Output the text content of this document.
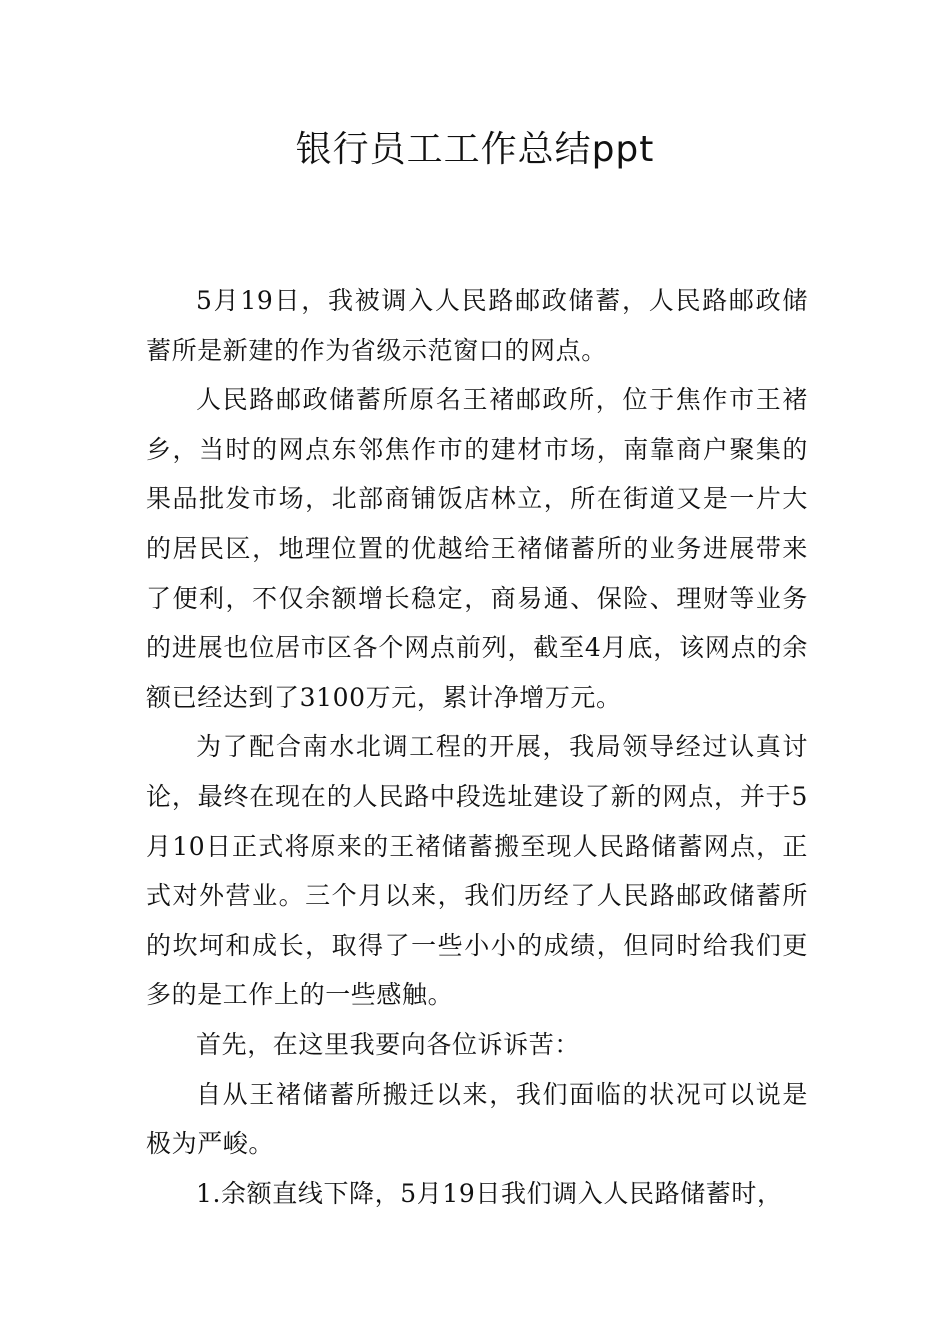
银行员工工作总结ppt

5月19日，我被调入人民路邮政储蓄，人民路邮政储蓄所是新建的作为省级示范窗口的网点。

人民路邮政储蓄所原名王褚邮政所，位于焦作市王褚乡，当时的网点东邻焦作市的建材市场，南靠商户聚集的果品批发市场，北部商铺饭店林立，所在街道又是一片大的居民区，地理位置的优越给王褚储蓄所的业务进展带来了便利，不仅余额增长稳定，商易通、保险、理财等业务的进展也位居市区各个网点前列，截至4月底，该网点的余额已经达到了3100万元，累计净增万元。

为了配合南水北调工程的开展，我局领导经过认真讨论，最终在现在的人民路中段选址建设了新的网点，并于5月10日正式将原来的王褚储蓄搬至现人民路储蓄网点，正式对外营业。三个月以来，我们历经了人民路邮政储蓄所的坎坷和成长，取得了一些小小的成绩，但同时给我们更多的是工作上的一些感触。

首先，在这里我要向各位诉诉苦：

自从王褚储蓄所搬迁以来，我们面临的状况可以说是极为严峻。

1.余额直线下降，5月19日我们调入人民路储蓄时，
